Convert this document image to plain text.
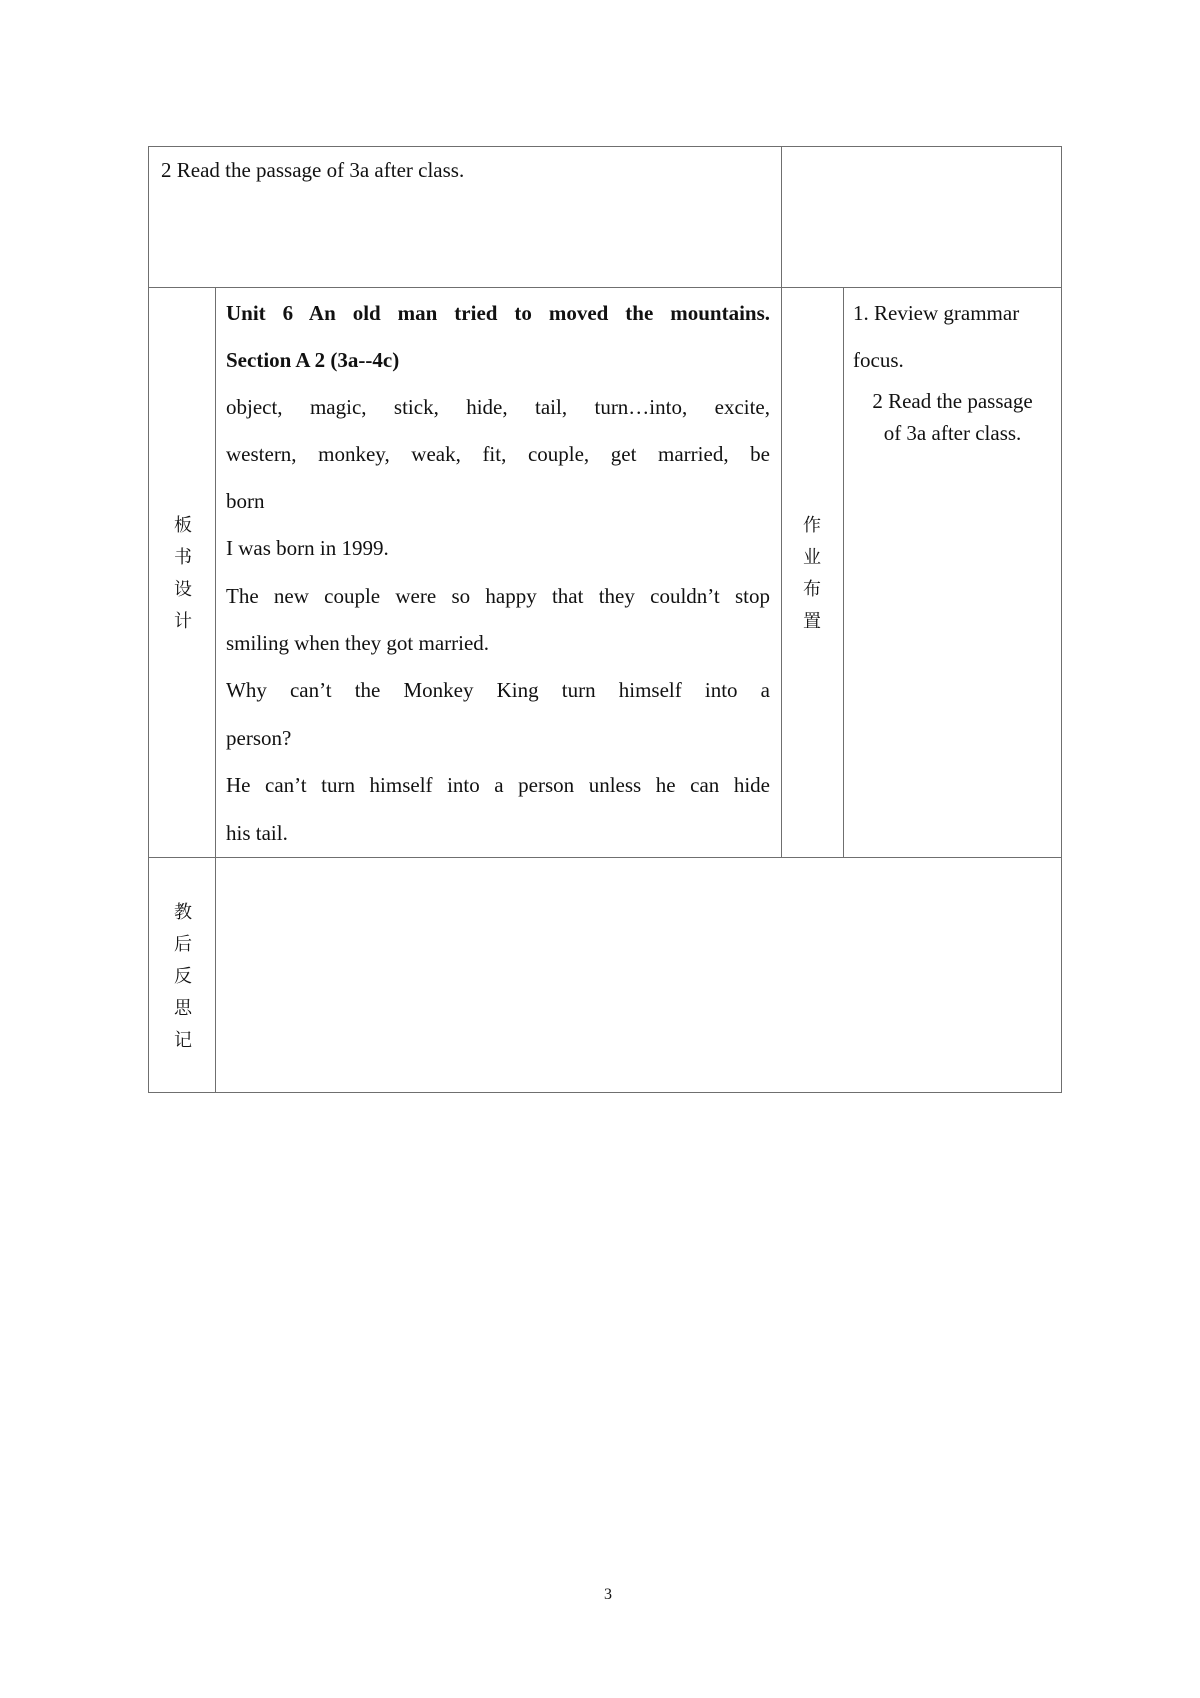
2 Read the passage of 3a after class.
板
书
设
计
Unit 6 An old man tried to moved the mountains.
Section A 2 (3a--4c)
object, magic, stick, hide, tail, turn…into, excite,
western, monkey, weak, fit, couple, get married, be
born
I was born in 1999.
The new couple were so happy that they couldn’t stop
smiling when they got married.
Why can’t the Monkey King turn himself into a
person?
He can’t turn himself into a person unless he can hide
his tail.
作
业
布
置
1. Review grammar
focus.
2 Read the passage
of 3a after class.
教
后
反
思
记
3
